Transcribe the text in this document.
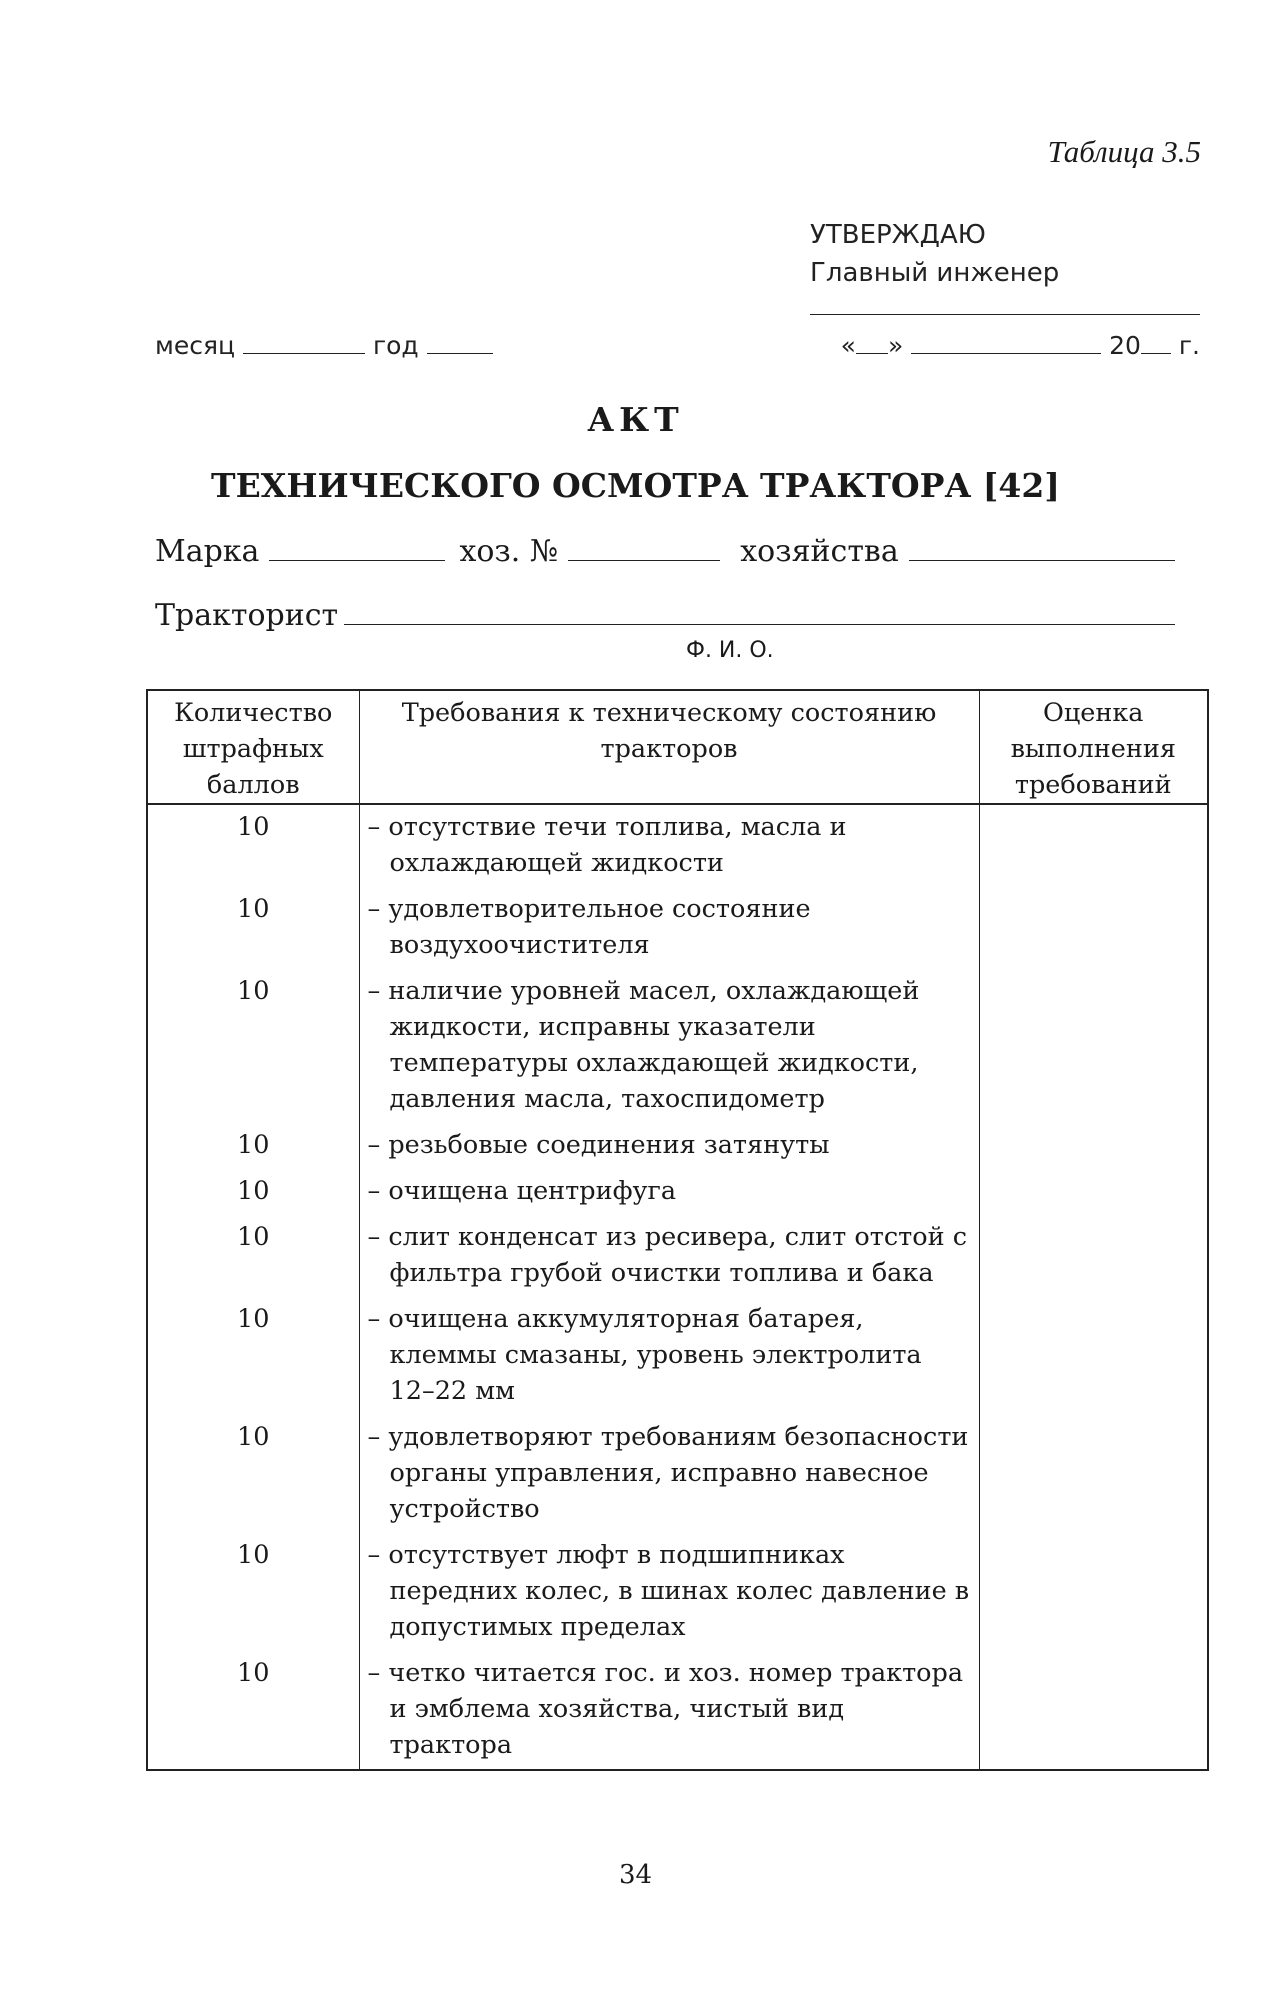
Таблица 3.5
УТВЕРЖДАЮ
Главный инженер
месяц	год	« »	20 г.
АКТ
ТЕХНИЧЕСКОГО ОСМОТРА ТРАКТОРА [42]
Марка	хоз. №	хозяйства
Тракторист
Ф. И. О.
Количество штрафных баллов	Требования к техническому состоянию тракторов	Оценка выполнения требований
10	– отсутствие течи топлива, масла и охлаждающей жидкости	

10	– удовлетворительное состояние воздухоочистителя	

10	– наличие уровней масел, охлаждающей жидкости, исправны указатели температуры охлаждающей жидкости, давления масла, тахоспидометр	

10	– резьбовые соединения затянуты	

10	– очищена центрифуга	

10	– слит конденсат из ресивера, слит отстой с фильтра грубой очистки топлива и бака	

10	– очищена аккумуляторная батарея, клеммы смазаны, уровень электролита 12–22 мм	

10	– удовлетворяют требованиям безопасности органы управления, исправно навесное устройство	

10	– отсутствует люфт в подшипниках передних колес, в шинах колес давление в допустимых пределах	

10	– четко читается гос. и хоз. номер трактора и эмблема хозяйства, чистый вид трактора	

34
